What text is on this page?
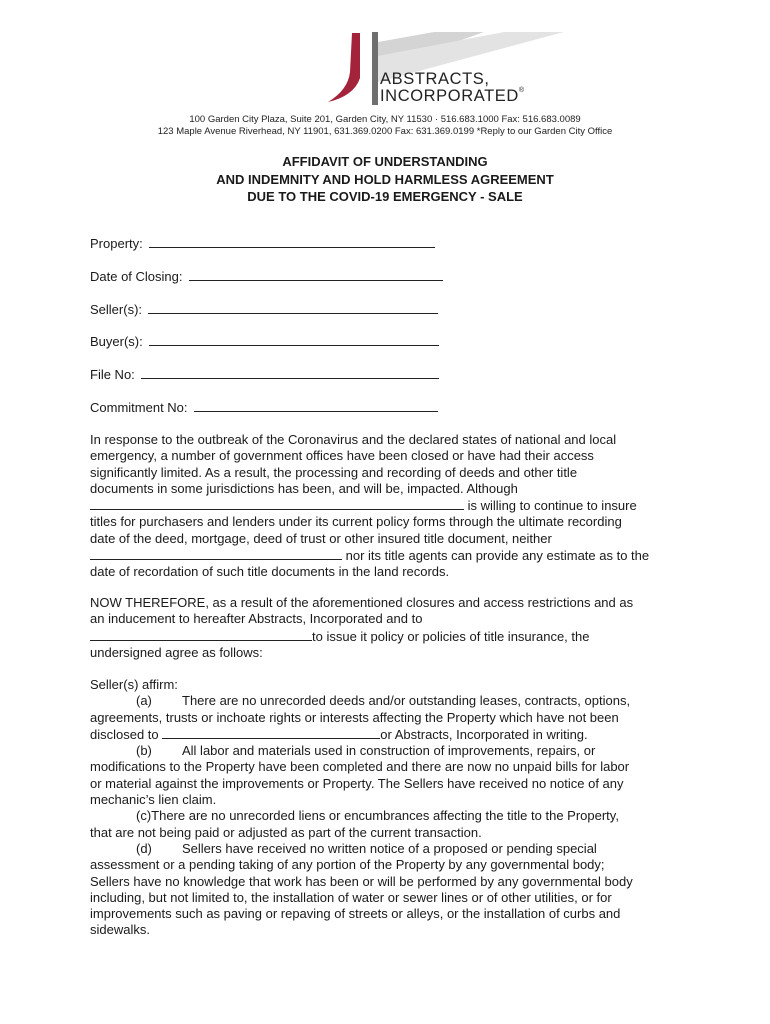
ABSTRACTS,
INCORPORATED®
100 Garden City Plaza, Suite 201, Garden City, NY 11530 · 516.683.1000 Fax: 516.683.0089
123 Maple Avenue Riverhead, NY 11901, 631.369.0200 Fax: 631.369.0199 *Reply to our Garden City Office
AFFIDAVIT OF UNDERSTANDING
AND INDEMNITY AND HOLD HARMLESS AGREEMENT
DUE TO THE COVID-19 EMERGENCY - SALE
Property:
Date of Closing:
Seller(s):
Buyer(s):
File No:
Commitment No:
In response to the outbreak of the Coronavirus and the declared states of national and local
emergency, a number of government offices have been closed or have had their access
significantly limited. As a result, the processing and recording of deeds and other title
documents in some jurisdictions has been, and will be, impacted. Although
is willing to continue to insure
titles for purchasers and lenders under its current policy forms through the ultimate recording
date of the deed, mortgage, deed of trust or other insured title document, neither
nor its title agents can provide any estimate as to the
date of recordation of such title documents in the land records.
NOW THEREFORE, as a result of the aforementioned closures and access restrictions and as
an inducement to hereafter Abstracts, Incorporated and to
to issue it policy or policies of title insurance, the
undersigned agree as follows:
Seller(s) affirm:
(a) There are no unrecorded deeds and/or outstanding leases, contracts, options,
agreements, trusts or inchoate rights or interests affecting the Property which have not been
disclosed to	or Abstracts, Incorporated in writing.
(b) All labor and materials used in construction of improvements, repairs, or
modifications to the Property have been completed and there are now no unpaid bills for labor
or material against the improvements or Property. The Sellers have received no notice of any
mechanic’s lien claim.
(c)There are no unrecorded liens or encumbrances affecting the title to the Property,
that are not being paid or adjusted as part of the current transaction.
(d) Sellers have received no written notice of a proposed or pending special
assessment or a pending taking of any portion of the Property by any governmental body;
Sellers have no knowledge that work has been or will be performed by any governmental body
including, but not limited to, the installation of water or sewer lines or of other utilities, or for
improvements such as paving or repaving of streets or alleys, or the installation of curbs and
sidewalks.
